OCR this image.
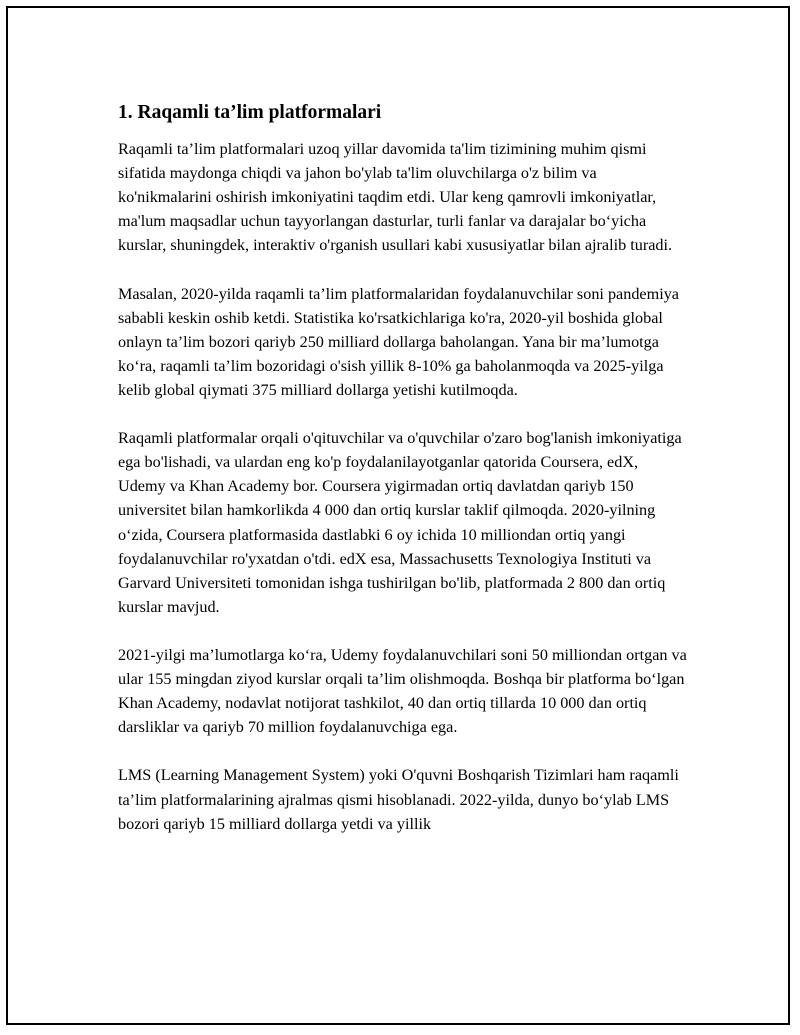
1. Raqamli ta’lim platformalari

Raqamli ta’lim platformalari uzoq yillar davomida ta'lim tizimining muhim qismi sifatida maydonga chiqdi va jahon bo'ylab ta'lim oluvchilarga o'z bilim va ko'nikmalarini oshirish imkoniyatini taqdim etdi. Ular keng qamrovli imkoniyatlar, ma'lum maqsadlar uchun tayyorlangan dasturlar, turli fanlar va darajalar bo‘yicha kurslar, shuningdek, interaktiv o'rganish usullari kabi xususiyatlar bilan ajralib turadi.

Masalan, 2020-yilda raqamli ta’lim platformalaridan foydalanuvchilar soni pandemiya sababli keskin oshib ketdi. Statistika ko'rsatkichlariga ko'ra, 2020-yil boshida global onlayn ta’lim bozori qariyb 250 milliard dollarga baholangan. Yana bir ma’lumotga ko‘ra, raqamli ta’lim bozoridagi o'sish yillik 8-10% ga baholanmoqda va 2025-yilga kelib global qiymati 375 milliard dollarga yetishi kutilmoqda.

Raqamli platformalar orqali o'qituvchilar va o'quvchilar o'zaro bog'lanish imkoniyatiga ega bo'lishadi, va ulardan eng ko'p foydalanilayotganlar qatorida Coursera, edX, Udemy va Khan Academy bor. Coursera yigirmadan ortiq davlatdan qariyb 150 universitet bilan hamkorlikda 4 000 dan ortiq kurslar taklif qilmoqda. 2020-yilning o‘zida, Coursera platformasida dastlabki 6 oy ichida 10 milliondan ortiq yangi foydalanuvchilar ro'yxatdan o'tdi. edX esa, Massachusetts Texnologiya Instituti va Garvard Universiteti tomonidan ishga tushirilgan bo'lib, platformada 2 800 dan ortiq kurslar mavjud.

2021-yilgi ma’lumotlarga ko‘ra, Udemy foydalanuvchilari soni 50 milliondan ortgan va ular 155 mingdan ziyod kurslar orqali ta’lim olishmoqda. Boshqa bir platforma bo‘lgan Khan Academy, nodavlat notijorat tashkilot, 40 dan ortiq tillarda 10 000 dan ortiq darsliklar va qariyb 70 million foydalanuvchiga ega.

LMS (Learning Management System) yoki O'quvni Boshqarish Tizimlari ham raqamli ta’lim platformalarining ajralmas qismi hisoblanadi. 2022-yilda, dunyo bo‘ylab LMS bozori qariyb 15 milliard dollarga yetdi va yillik
